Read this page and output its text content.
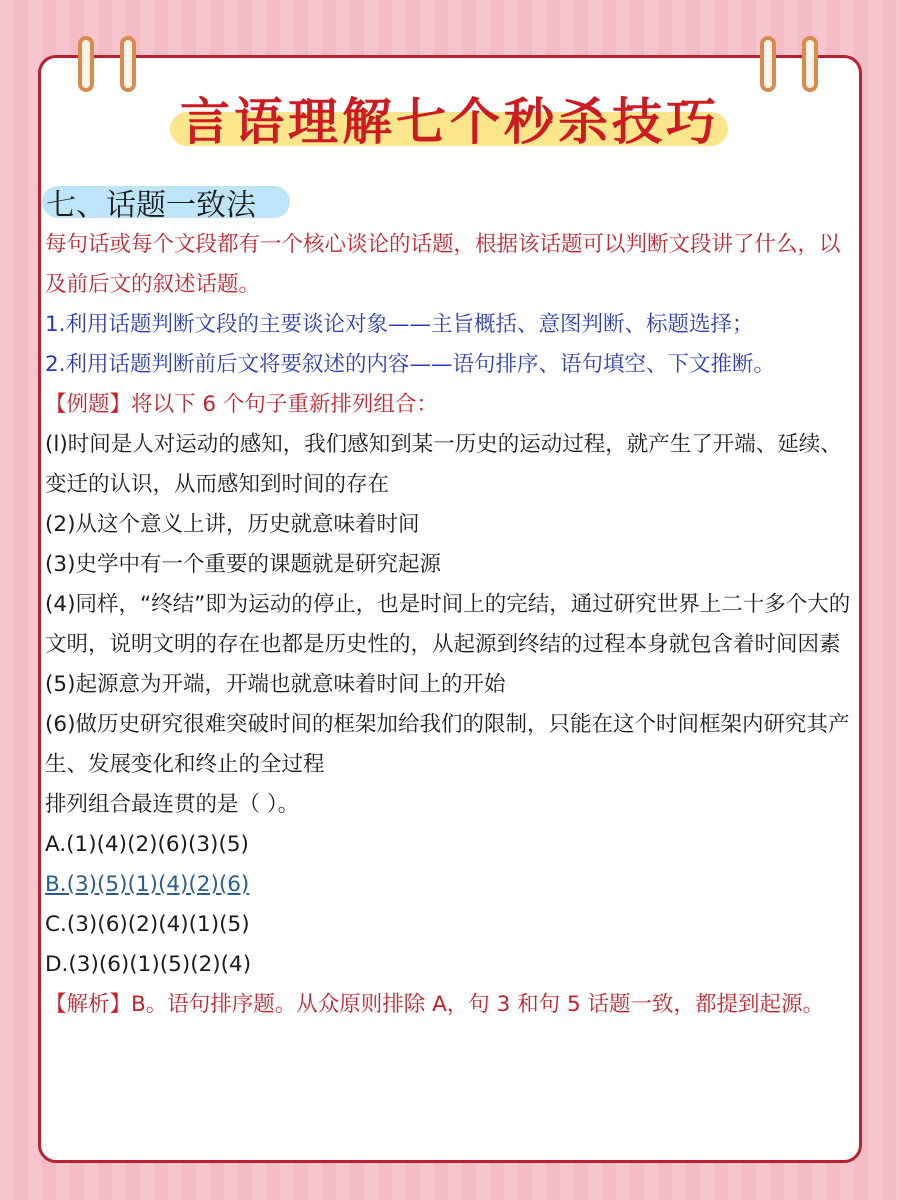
言语理解七个秒杀技巧
七、话题一致法

每句话或每个文段都有一个核心谈论的话题，根据该话题可以判断文段讲了什么，以及前后文的叙述话题。

1.利用话题判断文段的主要谈论对象——主旨概括、意图判断、标题选择；

2.利用话题判断前后文将要叙述的内容——语句排序、语句填空、下文推断。

【例题】将以下 6 个句子重新排列组合：

(l)时间是人对运动的感知，我们感知到某一历史的运动过程，就产生了开端、延续、变迁的认识，从而感知到时间的存在

(2)从这个意义上讲，历史就意味着时间

(3)史学中有一个重要的课题就是研究起源

(4)同样，“终结”即为运动的停止，也是时间上的完结，通过研究世界上二十多个大的文明，说明文明的存在也都是历史性的，从起源到终结的过程本身就包含着时间因素

(5)起源意为开端，开端也就意味着时间上的开始

(6)做历史研究很难突破时间的框架加给我们的限制，只能在这个时间框架内研究其产生、发展变化和终止的全过程

排列组合最连贯的是（ ）。

A.(1)(4)(2)(6)(3)(5)

B.(3)(5)(1)(4)(2)(6)

C.(3)(6)(2)(4)(1)(5)

D.(3)(6)(1)(5)(2)(4)

【解析】B。语句排序题。从众原则排除 A，句 3 和句 5 话题一致，都提到起源。
